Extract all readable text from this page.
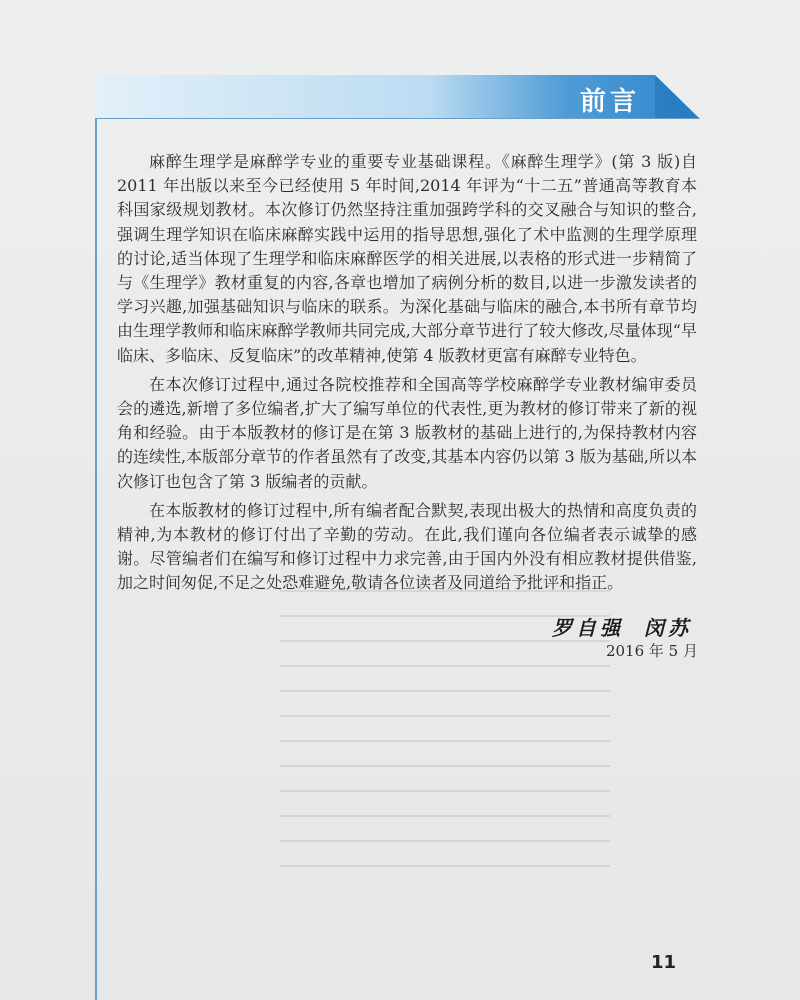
前言

麻醉生理学是麻醉学专业的重要专业基础课程。《麻醉生理学》(第 3 版)自 2011 年出版以来至今已经使用 5 年时间,2014 年评为“十二五”普通高等教育本科国家级规划教材。本次修订仍然坚持注重加强跨学科的交叉融合与知识的整合,强调生理学知识在临床麻醉实践中运用的指导思想,强化了术中监测的生理学原理的讨论,适当体现了生理学和临床麻醉医学的相关进展,以表格的形式进一步精简了与《生理学》教材重复的内容,各章也增加了病例分析的数目,以进一步激发读者的学习兴趣,加强基础知识与临床的联系。为深化基础与临床的融合,本书所有章节均由生理学教师和临床麻醉学教师共同完成,大部分章节进行了较大修改,尽量体现“早临床、多临床、反复临床”的改革精神,使第 4 版教材更富有麻醉专业特色。

在本次修订过程中,通过各院校推荐和全国高等学校麻醉学专业教材编审委员会的遴选,新增了多位编者,扩大了编写单位的代表性,更为教材的修订带来了新的视角和经验。由于本版教材的修订是在第 3 版教材的基础上进行的,为保持教材内容的连续性,本版部分章节的作者虽然有了改变,其基本内容仍以第 3 版为基础,所以本次修订也包含了第 3 版编者的贡献。

在本版教材的修订过程中,所有编者配合默契,表现出极大的热情和高度负责的精神,为本教材的修订付出了辛勤的劳动。在此,我们谨向各位编者表示诚挚的感谢。尽管编者们在编写和修订过程中力求完善,由于国内外没有相应教材提供借鉴,加之时间匆促,不足之处恐难避免,敬请各位读者及同道给予批评和指正。

罗自强 闵苏
2016 年 5 月
11
